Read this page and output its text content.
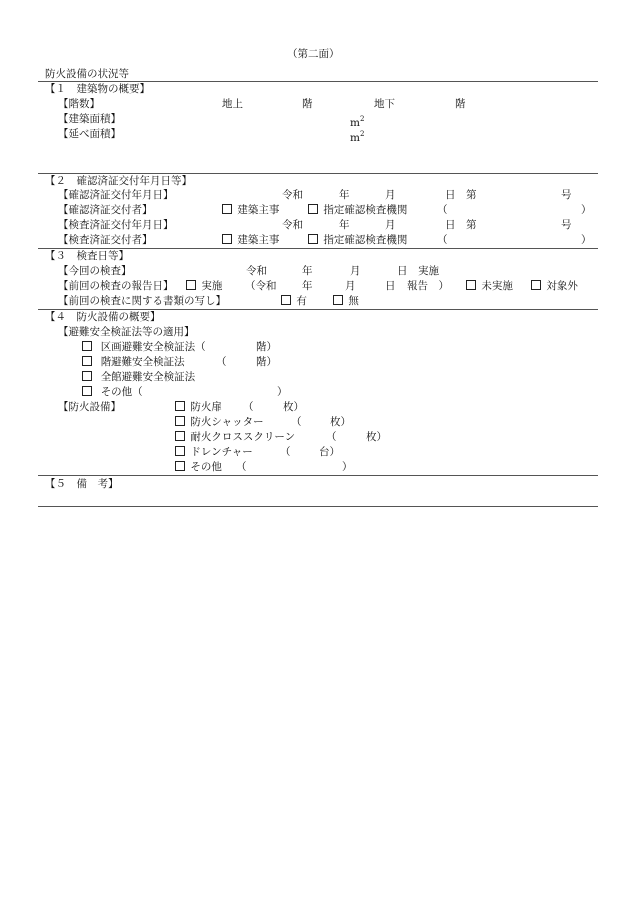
（第二面）
防火設備の状況等
【１　建築物の概要】
【階数】	地上	階	地下	階
【建築面積】	$m^2$
【延べ面積】	$m^2$
【２　確認済証交付年月日等】
【確認済証交付年月日】	令和	年	月	日 第	号
【確認済証交付者】	建築主事	指定確認検査機関	（	）
【検査済証交付年月日】	令和	年	月	日 第	号
【検査済証交付者】	建築主事	指定確認検査機関	（	）
【３　検査日等】
【今回の検査】	令和	年	月	日 実施
【前回の検査の報告日】	実施 （令和 年	月	日 報告　）	未実施	対象外
【前回の検査に関する書類の写し】	有	無
【４　防火設備の概要】
【避難安全検証法等の適用】
区画避難安全検証法（	階）
階避難安全検証法	（	階）
全館避難安全検証法
その他（	）
【防火設備】	防火扉 （	枚）
防火シャッター	（	枚）
耐火クロススクリーン	（	枚）
ドレンチャー	（	台）
その他 （	）
【５　備　考】
